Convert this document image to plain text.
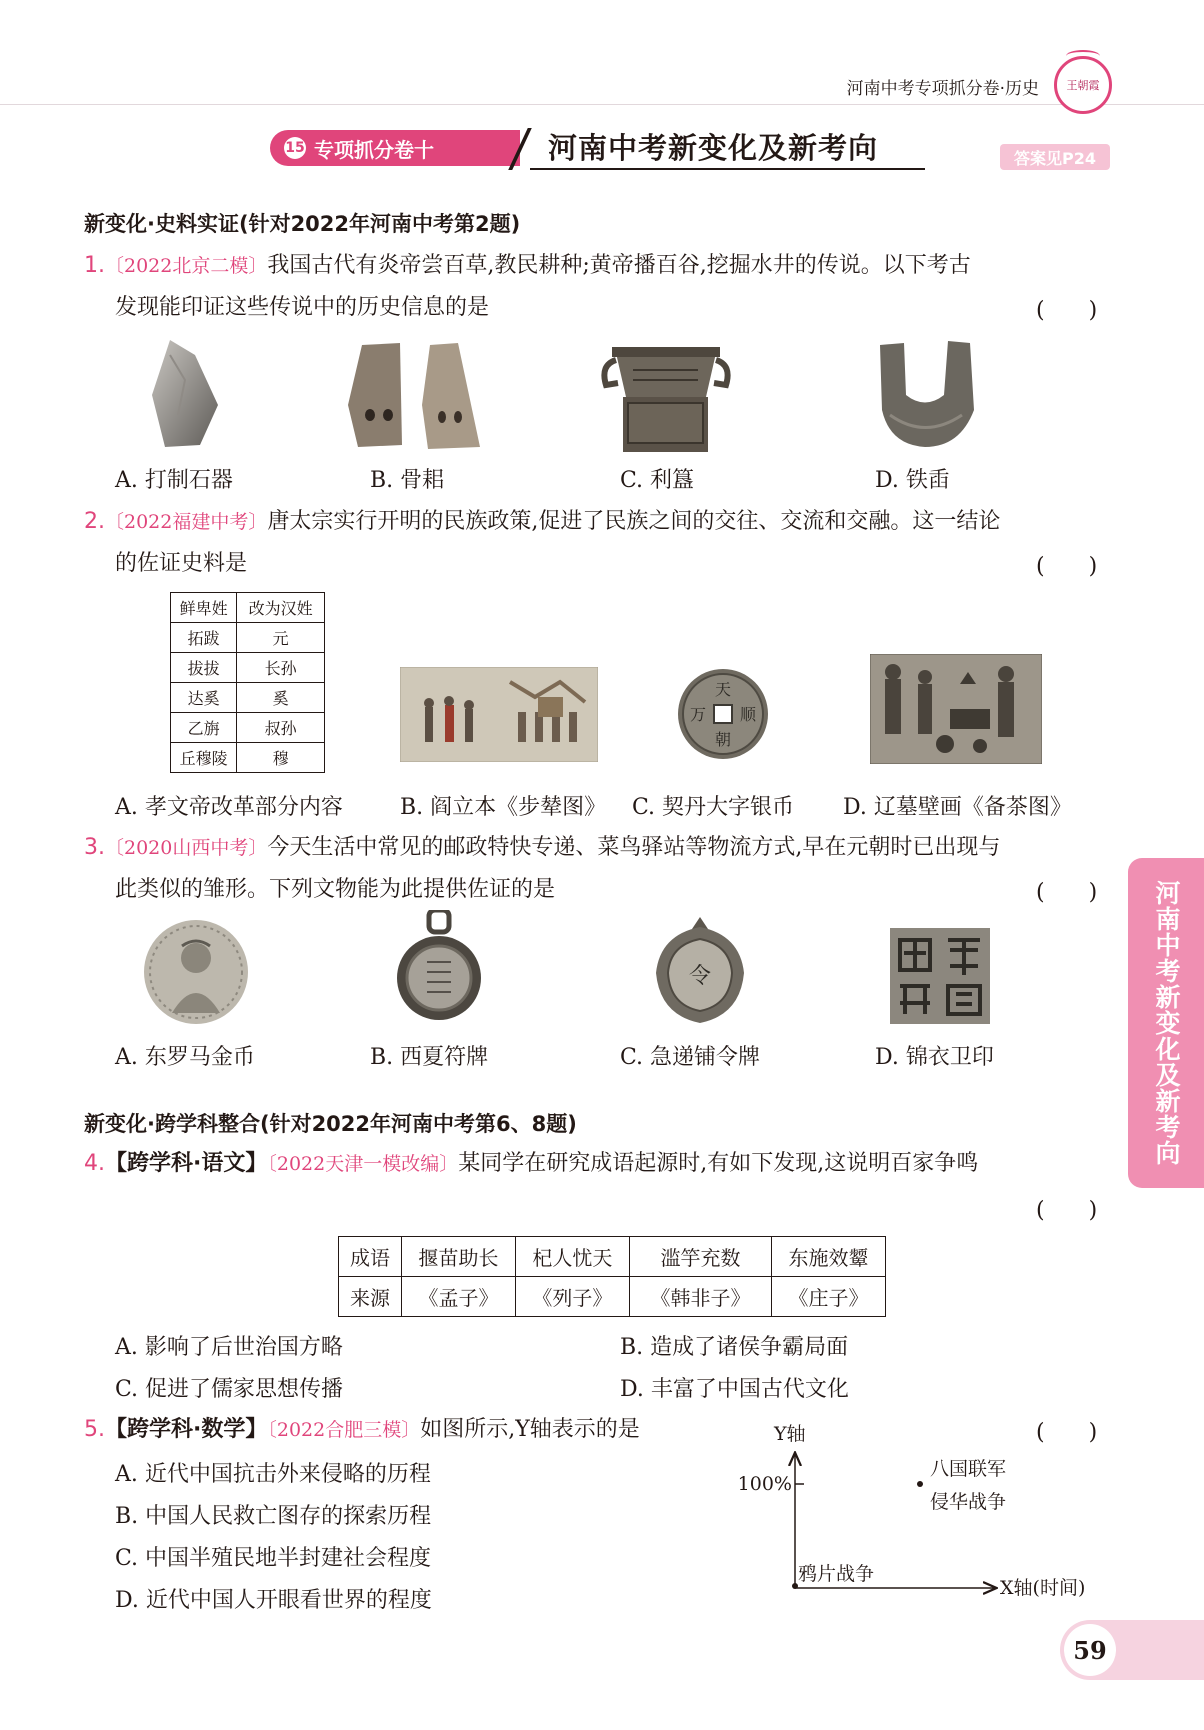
河南中考专项抓分卷·历史	王朝霞
15 专项抓分卷十	河南中考新变化及新考向	答案见P24
新变化·史料实证(针对2022年河南中考第2题)
1.〔2022北京二模〕我国古代有炎帝尝百草,教民耕种;黄帝播百谷,挖掘水井的传说。以下考古
发现能印证这些传说中的历史信息的是	(　　)
A. 打制石器	B. 骨耜	C. 利簋	D. 铁臿
2.〔2022福建中考〕唐太宗实行开明的民族政策,促进了民族之间的交往、交流和交融。这一结论
的佐证史料是	(　　)
鲜卑姓	改为汉姓
拓跋	元
拔拔	长孙
达奚	奚
乙旃	叔孙
丘穆陵	穆
天
朝
万 顺
A. 孝文帝改革部分内容	B. 阎立本《步辇图》 C. 契丹大字银币 D. 辽墓壁画《备茶图》
3.〔2020山西中考〕今天生活中常见的邮政特快专递、菜鸟驿站等物流方式,早在元朝时已出现与
此类似的雏形。下列文物能为此提供佐证的是	(　　)
令
A. 东罗马金币	B. 西夏符牌	C. 急递铺令牌	D. 锦衣卫印
新变化·跨学科整合(针对2022年河南中考第6、8题)
4.【跨学科·语文】〔2022天津一模改编〕某同学在研究成语起源时,有如下发现,这说明百家争鸣
(　　)
成语	揠苗助长	杞人忧天	滥竽充数	东施效颦
来源	《孟子》	《列子》	《韩非子》	《庄子》
A. 影响了后世治国方略	B. 造成了诸侯争霸局面
C. 促进了儒家思想传播	D. 丰富了中国古代文化
5.【跨学科·数学】〔2022合肥三模〕如图所示,Y轴表示的是	(　　)
A. 近代中国抗击外来侵略的历程
B. 中国人民救亡图存的探索历程
C. 中国半殖民地半封建社会程度
D. 近代中国人开眼看世界的程度
Y轴
X轴(时间)
100%
鸦片战争
八国联军
侵华战争
河南中考新变化及新考向
59
